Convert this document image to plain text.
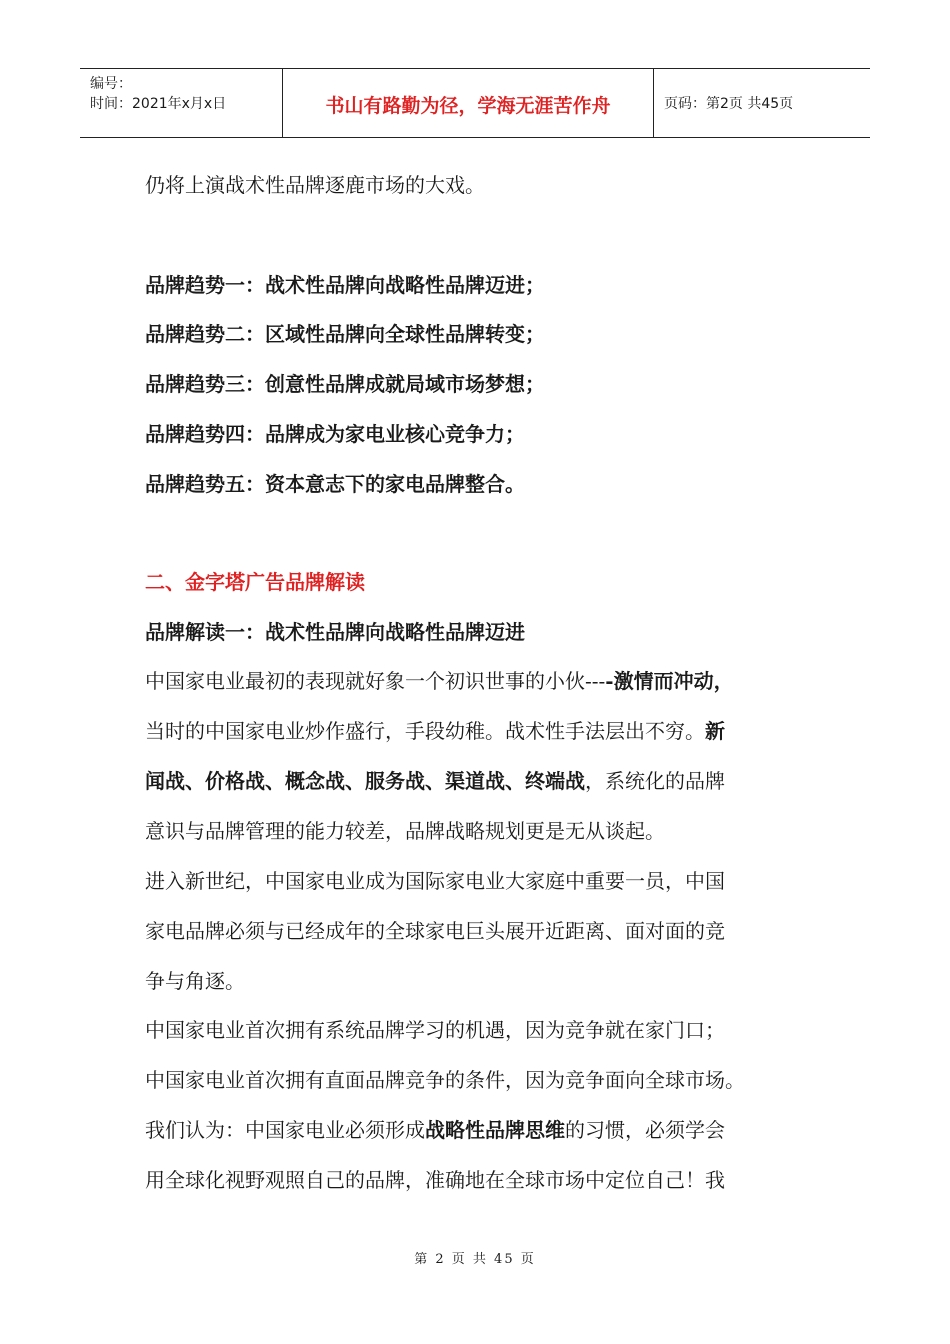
编号：
时间：2021年x月x日	书山有路勤为径，学海无涯苦作舟	页码：第2页 共45页
仍将上演战术性品牌逐鹿市场的大戏。
品牌趋势一：战术性品牌向战略性品牌迈进；
品牌趋势二：区域性品牌向全球性品牌转变；
品牌趋势三：创意性品牌成就局域市场梦想；
品牌趋势四：品牌成为家电业核心竞争力；
品牌趋势五：资本意志下的家电品牌整合。
二、金字塔广告品牌解读
品牌解读一：战术性品牌向战略性品牌迈进
中国家电业最初的表现就好象一个初识世事的小伙----激情而冲动，
当时的中国家电业炒作盛行，手段幼稚。战术性手法层出不穷。新
闻战、价格战、概念战、服务战、渠道战、终端战，系统化的品牌
意识与品牌管理的能力较差，品牌战略规划更是无从谈起。
进入新世纪，中国家电业成为国际家电业大家庭中重要一员，中国
家电品牌必须与已经成年的全球家电巨头展开近距离、面对面的竞
争与角逐。
中国家电业首次拥有系统品牌学习的机遇，因为竞争就在家门口；
中国家电业首次拥有直面品牌竞争的条件，因为竞争面向全球市场。
我们认为：中国家电业必须形成战略性品牌思维的习惯，必须学会
用全球化视野观照自己的品牌，准确地在全球市场中定位自己！我
第 2 页 共 45 页
